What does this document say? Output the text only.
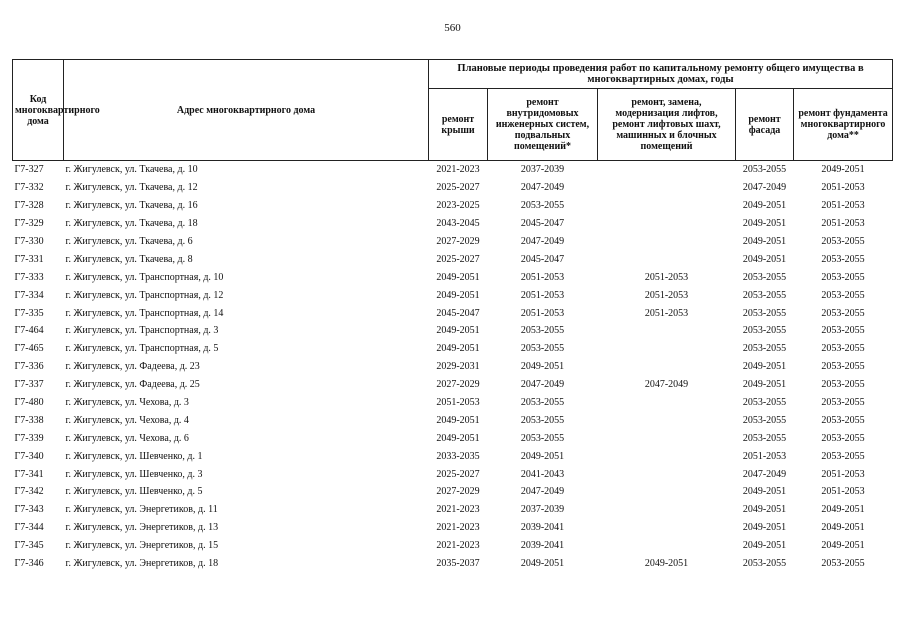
560
Код многоквартирного дома	Адрес многоквартирного дома	Плановые периоды проведения работ по капитальному ремонту общего имущества в многоквартирных домах, годы				
		ремонт крыши	ремонт внутридомовых инженерных систем, подвальных помещений*	ремонт, замена, модернизация лифтов, ремонт лифтовых шахт, машинных и блочных помещений	ремонт фасада	ремонт фундамента многоквартирного дома**
Г7-327	г. Жигулевск, ул. Ткачева, д. 10	2021-2023	2037-2039		2053-2055	2049-2051
Г7-332	г. Жигулевск, ул. Ткачева, д. 12	2025-2027	2047-2049		2047-2049	2051-2053
Г7-328	г. Жигулевск, ул. Ткачева, д. 16	2023-2025	2053-2055		2049-2051	2051-2053
Г7-329	г. Жигулевск, ул. Ткачева, д. 18	2043-2045	2045-2047		2049-2051	2051-2053
Г7-330	г. Жигулевск, ул. Ткачева, д. 6	2027-2029	2047-2049		2049-2051	2053-2055
Г7-331	г. Жигулевск, ул. Ткачева, д. 8	2025-2027	2045-2047		2049-2051	2053-2055
Г7-333	г. Жигулевск, ул. Транспортная, д. 10	2049-2051	2051-2053	2051-2053	2053-2055	2053-2055
Г7-334	г. Жигулевск, ул. Транспортная, д. 12	2049-2051	2051-2053	2051-2053	2053-2055	2053-2055
Г7-335	г. Жигулевск, ул. Транспортная, д. 14	2045-2047	2051-2053	2051-2053	2053-2055	2053-2055
Г7-464	г. Жигулевск, ул. Транспортная, д. 3	2049-2051	2053-2055		2053-2055	2053-2055
Г7-465	г. Жигулевск, ул. Транспортная, д. 5	2049-2051	2053-2055		2053-2055	2053-2055
Г7-336	г. Жигулевск, ул. Фадеева, д. 23	2029-2031	2049-2051		2049-2051	2053-2055
Г7-337	г. Жигулевск, ул. Фадеева, д. 25	2027-2029	2047-2049	2047-2049	2049-2051	2053-2055
Г7-480	г. Жигулевск, ул. Чехова, д. 3	2051-2053	2053-2055		2053-2055	2053-2055
Г7-338	г. Жигулевск, ул. Чехова, д. 4	2049-2051	2053-2055		2053-2055	2053-2055
Г7-339	г. Жигулевск, ул. Чехова, д. 6	2049-2051	2053-2055		2053-2055	2053-2055
Г7-340	г. Жигулевск, ул. Шевченко, д. 1	2033-2035	2049-2051		2051-2053	2053-2055
Г7-341	г. Жигулевск, ул. Шевченко, д. 3	2025-2027	2041-2043		2047-2049	2051-2053
Г7-342	г. Жигулевск, ул. Шевченко, д. 5	2027-2029	2047-2049		2049-2051	2051-2053
Г7-343	г. Жигулевск, ул. Энергетиков, д. 11	2021-2023	2037-2039		2049-2051	2049-2051
Г7-344	г. Жигулевск, ул. Энергетиков, д. 13	2021-2023	2039-2041		2049-2051	2049-2051
Г7-345	г. Жигулевск, ул. Энергетиков, д. 15	2021-2023	2039-2041		2049-2051	2049-2051
Г7-346	г. Жигулевск, ул. Энергетиков, д. 18	2035-2037	2049-2051	2049-2051	2053-2055	2053-2055
